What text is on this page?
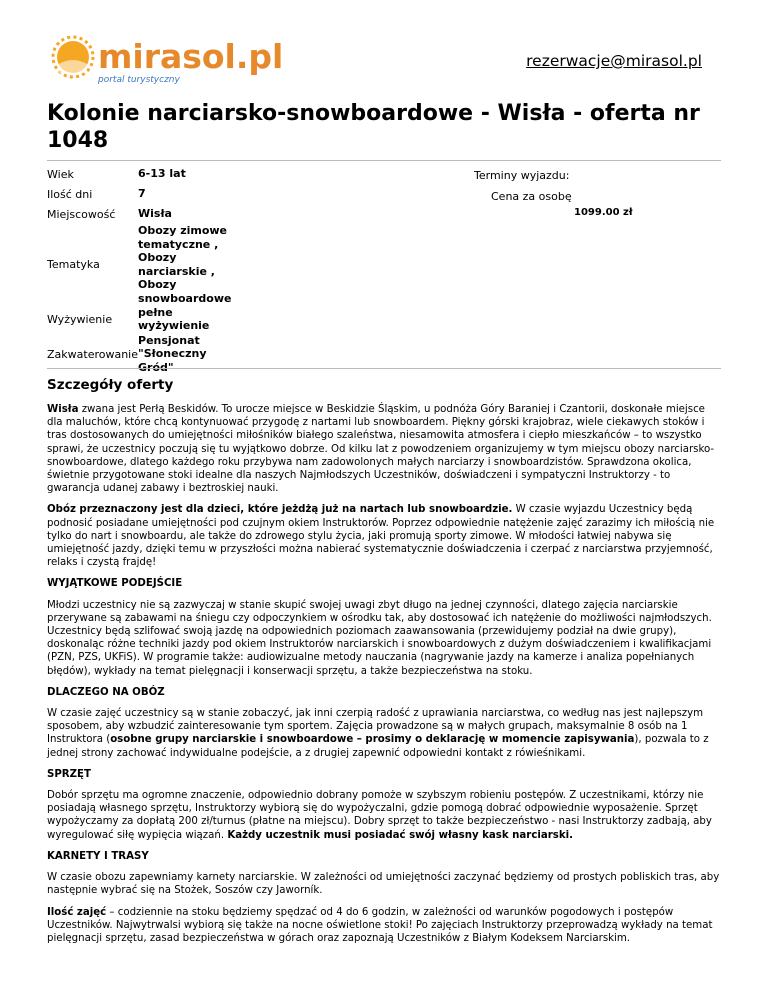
mirasol.pl
portal turystyczny
rezerwacje@mirasol.pl
Kolonie narciarsko-snowboardowe - Wisła - oferta nr 1048
Wiek	6-13 lat
Ilość dni	7
Miejscowość	Wisła
Tematyka	Obozy zimowe tematyczne , Obozy narciarskie , Obozy snowboardowe
Wyżywienie	pełne wyżywienie
Zakwaterowanie	Pensjonat "Słoneczny Gród"
Terminy wyjazdu:
Cena za osobę
1099.00 zł
Szczegóły oferty

Wisła zwana jest Perłą Beskidów. To urocze miejsce w Beskidzie Śląskim, u podnóża Góry Baraniej i Czantorii, doskonałe miejsce dla maluchów, które chcą kontynuować przygodę z nartami lub snowboardem. Piękny górski krajobraz, wiele ciekawych stoków i tras dostosowanych do umiejętności miłośników białego szaleństwa, niesamowita atmosfera i ciepło mieszkańców – to wszystko sprawi, że uczestnicy poczują się tu wyjątkowo dobrze. Od kilku lat z powodzeniem organizujemy w tym miejscu obozy narciarsko-snowboardowe, dlatego każdego roku przybywa nam zadowolonych małych narciarzy i snowboardzistów. Sprawdzona okolica, świetnie przygotowane stoki idealne dla naszych Najmłodszych Uczestników, doświadczeni i sympatyczni Instruktorzy - to gwarancja udanej zabawy i beztroskiej nauki.

Obóz przeznaczony jest dla dzieci, które jeżdżą już na nartach lub snowboardzie. W czasie wyjazdu Uczestnicy będą podnosić posiadane umiejętności pod czujnym okiem Instruktorów. Poprzez odpowiednie natężenie zajęć zarazimy ich miłością nie tylko do nart i snowboardu, ale także do zdrowego stylu życia, jaki promują sporty zimowe. W młodości łatwiej nabywa się umiejętność jazdy, dzięki temu w przyszłości można nabierać systematycznie doświadczenia i czerpać z narciarstwa przyjemność, relaks i czystą frajdę!

WYJĄTKOWE PODEJŚCIE

Młodzi uczestnicy nie są zazwyczaj w stanie skupić swojej uwagi zbyt długo na jednej czynności, dlatego zajęcia narciarskie przerywane są zabawami na śniegu czy odpoczynkiem w ośrodku tak, aby dostosować ich natężenie do możliwości najmłodszych. Uczestnicy będą szlifować swoją jazdę na odpowiednich poziomach zaawansowania (przewidujemy podział na dwie grupy), doskonaląc różne techniki jazdy pod okiem Instruktorów narciarskich i snowboardowych z dużym doświadczeniem i kwalifikacjami (PZN, PZS, UKFiS). W programie także: audiowizualne metody nauczania (nagrywanie jazdy na kamerze i analiza popełnianych błędów), wykłady na temat pielęgnacji i konserwacji sprzętu, a także bezpieczeństwa na stoku.

DLACZEGO NA OBÓZ

W czasie zajęć uczestnicy są w stanie zobaczyć, jak inni czerpią radość z uprawiania narciarstwa, co według nas jest najlepszym sposobem, aby wzbudzić zainteresowanie tym sportem. Zajęcia prowadzone są w małych grupach, maksymalnie 8 osób na 1 Instruktora (osobne grupy narciarskie i snowboardowe – prosimy o deklarację w momencie zapisywania), pozwala to z jednej strony zachować indywidualne podejście, a z drugiej zapewnić odpowiedni kontakt z rówieśnikami.

SPRZĘT

Dobór sprzętu ma ogromne znaczenie, odpowiednio dobrany pomoże w szybszym robieniu postępów. Z uczestnikami, którzy nie posiadają własnego sprzętu, Instruktorzy wybiorą się do wypożyczalni, gdzie pomogą dobrać odpowiednie wyposażenie. Sprzęt wypożyczamy za dopłatą 200 zł/turnus (płatne na miejscu). Dobry sprzęt to także bezpieczeństwo - nasi Instruktorzy zadbają, aby wyregulować siłę wypięcia wiązań. Każdy uczestnik musi posiadać swój własny kask narciarski.

KARNETY I TRASY

W czasie obozu zapewniamy karnety narciarskie. W zależności od umiejętności zaczynać będziemy od prostych pobliskich tras, aby następnie wybrać się na Stożek, Soszów czy Jaworník.

Ilość zajęć – codziennie na stoku będziemy spędzać od 4 do 6 godzin, w zależności od warunków pogodowych i postępów Uczestników. Najwytrwalsi wybiorą się także na nocne oświetlone stoki! Po zajęciach Instruktorzy przeprowadzą wykłady na temat pielęgnacji sprzętu, zasad bezpieczeństwa w górach oraz zapoznają Uczestników z Białym Kodeksem Narciarskim.
